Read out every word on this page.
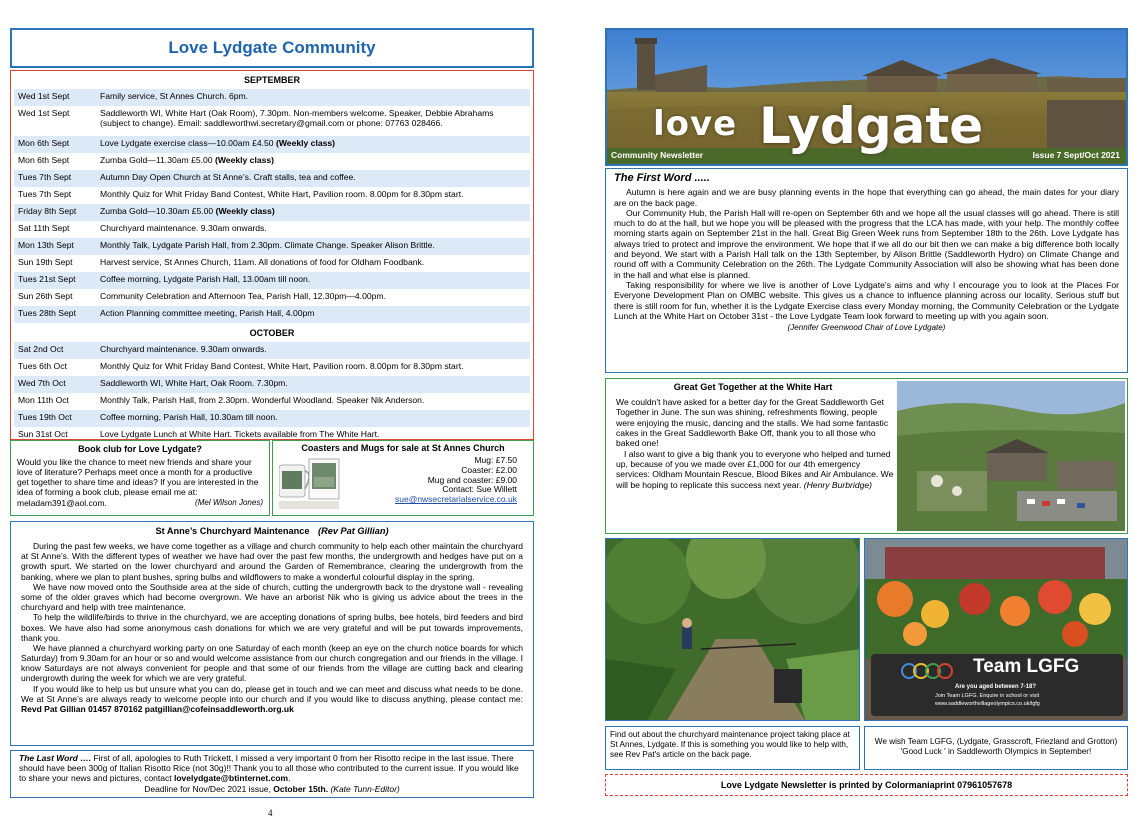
Love Lydgate Community
SEPTEMBER
Wed 1st Sept	Family service, St Annes Church. 6pm.
Wed 1st Sept	Saddleworth WI, White Hart (Oak Room), 7.30pm. Non-members welcome. Speaker, Debbie Abrahams (subject to change). Email: saddleworthwi.secretary@gmail.com or phone: 07763 028466.
Mon 6th Sept	Love Lydgate exercise class—10.00am £4.50 (Weekly class)
Mon 6th Sept	Zumba Gold—11.30am £5.00 (Weekly class)
Tues 7th Sept	Autumn Day Open Church at St Anne’s. Craft stalls, tea and coffee.
Tues 7th Sept	Monthly Quiz for Whit Friday Band Contest, White Hart, Pavilion room. 8.00pm for 8.30pm start.
Friday 8th Sept	Zumba Gold—10.30am £5.00 (Weekly class)
Sat 11th Sept	Churchyard maintenance. 9.30am onwards.
Mon 13th Sept	Monthly Talk, Lydgate Parish Hall, from 2.30pm. Climate Change. Speaker Alison Brittle.
Sun 19th Sept	Harvest service, St Annes Church, 11am. All donations of food for Oldham Foodbank.
Tues 21st Sept	Coffee morning, Lydgate Parish Hall, 13.00am till noon.
Sun 26th Sept	Community Celebration and Afternoon Tea, Parish Hall, 12.30pm—4.00pm.
Tues 28th Sept	Action Planning committee meeting, Parish Hall, 4.00pm
OCTOBER
Sat 2nd Oct	Churchyard maintenance. 9.30am onwards.
Tues 6th Oct	Monthly Quiz for Whit Friday Band Contest, White Hart, Pavilion room. 8.00pm for 8.30pm start.
Wed 7th Oct	Saddleworth WI, White Hart, Oak Room. 7.30pm.
Mon 11th Oct	Monthly Talk, Parish Hall, from 2.30pm. Wonderful Woodland. Speaker Nik Anderson.
Tues 19th Oct	Coffee morning, Parish Hall, 10.30am till noon.
Sun 31st Oct	Love Lydgate Lunch at White Hart. Tickets available from The White Hart.
Book club for Love Lydgate?
Would you like the chance to meet new friends and share your love of literature? Perhaps meet once a month for a productive get together to share time and ideas? If you are interested in the idea of forming a book club, please email me at: meladam391@aol.com.	(Mel Wilson Jones)
Coasters and Mugs for sale at St Annes Church
Mug: £7.50
Coaster: £2.00
Mug and coaster: £9.00
Contact: Sue Willett
sue@nwsecretarialservice.co.uk
St Anne’s Churchyard Maintenance (Rev Pat Gillian)

During the past few weeks, we have come together as a village and church community to help each other maintain the churchyard at St Anne’s. With the different types of weather we have had over the past few months, the undergrowth and hedges have put on a growth spurt. We started on the lower churchyard and around the Garden of Remembrance, clearing the undergrowth from the banking, where we plan to plant bushes, spring bulbs and wildflowers to make a wonderful colourful display in the spring.

We have now moved onto the Southside area at the side of church, cutting the undergrowth back to the drystone wall - revealing some of the older graves which had become overgrown. We have an arborist Nik who is giving us advice about the trees in the churchyard and help with tree maintenance.

To help the wildlife/birds to thrive in the churchyard, we are accepting donations of spring bulbs, bee hotels, bird feeders and bird boxes. We have also had some anonymous cash donations for which we are very grateful and will be put towards improvements, thank you.

We have planned a churchyard working party on one Saturday of each month (keep an eye on the church notice boards for which Saturday) from 9.30am for an hour or so and would welcome assistance from our church congregation and our friends in the village. I know Saturdays are not always convenient for people and that some of our friends from the village are cutting back and clearing undergrowth during the week for which we are very grateful.

If you would like to help us but unsure what you can do, please get in touch and we can meet and discuss what needs to be done. We at St Anne’s are always ready to welcome people into our church and if you would like to discuss anything, please contact me: Revd Pat Gillian 01457 870162 patgillian@cofeinsaddleworth.org.uk

The Last Word …. First of all, apologies to Ruth Trickett, I missed a very important 0 from her Risotto recipe in the last issue. There should have been 300g of Italian Risotto Rice (not 30g)!! Thank you to all those who contributed to the current issue. If you would like to share your news and pictures, contact lovelydgate@btinternet.com.
Deadline for Nov/Dec 2021 issue, October 15th. (Kate Tunn-Editor)
4
love Lydgate
Community Newsletter	Issue 7 Sept/Oct 2021
The First Word .....

Autumn is here again and we are busy planning events in the hope that everything can go ahead, the main dates for your diary are on the back page.

Our Community Hub, the Parish Hall will re-open on September 6th and we hope all the usual classes will go ahead. There is still much to do at the hall, but we hope you will be pleased with the progress that the LCA has made, with your help. The monthly coffee morning starts again on September 21st in the hall. Great Big Green Week runs from September 18th to the 26th. Love Lydgate has always tried to protect and improve the environment. We hope that if we all do our bit then we can make a big difference both locally and beyond. We start with a Parish Hall talk on the 13th September, by Alison Brittle (Saddleworth Hydro) on Climate Change and round off with a Community Celebration on the 26th. The Lydgate Community Association will also be showing what has been done in the hall and what else is planned.

Taking responsibility for where we live is another of Love Lydgate’s aims and why I encourage you to look at the Places For Everyone Development Plan on OMBC website. This gives us a chance to influence planning across our locality. Serious stuff but there is still room for fun, whether it is the Lydgate Exercise class every Monday morning, the Community Celebration or the Lydgate Lunch at the White Hart on October 31st - the Love Lydgate Team look forward to meeting up with you again soon.

(Jennifer Greenwood Chair of Love Lydgate)
Great Get Together at the White Hart

We couldn't have asked for a better day for the Great Saddleworth Get Together in June. The sun was shining, refreshments flowing, people were enjoying the music, dancing and the stalls. We had some fantastic cakes in the Great Saddleworth Bake Off, thank you to all those who baked one!

I also want to give a big thank you to everyone who helped and turned up, because of you we made over £1,000 for our 4th emergency services: Oldham Mountain Rescue, Blood Bikes and Air Ambulance. We will be hoping to replicate this success next year. (Henry Burbridge)

Team LGFG
Are you aged between 7-18?
Join Team LGFG. Enquire in school or visit
www.saddleworthvillageolympics.co.uk/lgfg
Find out about the churchyard maintenance project taking place at St Annes, Lydgate. If this is something you would like to help with, see Rev Pat's article on the back page.
We wish Team LGFG, (Lydgate, Grasscroft, Friezland and Grotton) 'Good Luck ' in Saddleworth Olympics in September!
Love Lydgate Newsletter is printed by Colormaniaprint 07961057678
